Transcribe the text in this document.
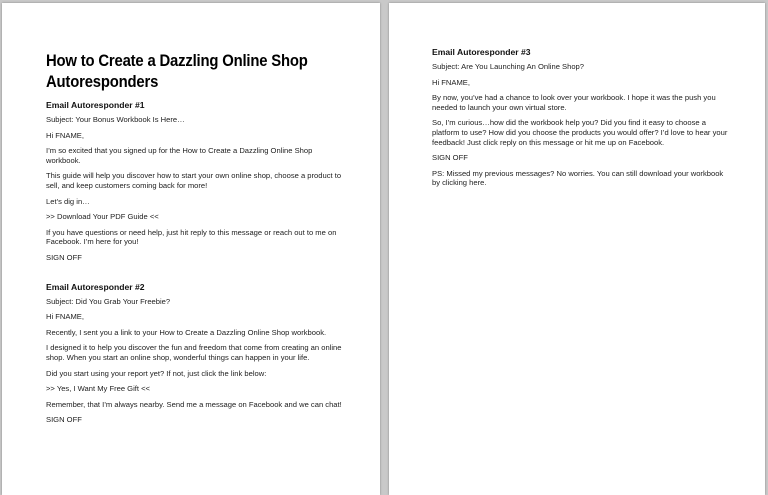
How to Create a Dazzling Online Shop Autoresponders
Email Autoresponder #1

Subject: Your Bonus Workbook Is Here…

Hi FNAME,

I’m so excited that you signed up for the How to Create a Dazzling Online Shop workbook.

This guide will help you discover how to start your own online shop, choose a product to sell, and keep customers coming back for more!

Let’s dig in…

>> Download Your PDF Guide <<

If you have questions or need help, just hit reply to this message or reach out to me on Facebook. I’m here for you!

SIGN OFF

Email Autoresponder #2

Subject: Did You Grab Your Freebie?

Hi FNAME,

Recently, I sent you a link to your How to Create a Dazzling Online Shop workbook.

I designed it to help you discover the fun and freedom that come from creating an online shop. When you start an online shop, wonderful things can happen in your life.

Did you start using your report yet? If not, just click the link below:

>> Yes, I Want My Free Gift <<

Remember, that I’m always nearby. Send me a message on Facebook and we can chat!

SIGN OFF

Email Autoresponder #3

Subject: Are You Launching An Online Shop?

Hi FNAME,

By now, you’ve had a chance to look over your workbook. I hope it was the push you needed to launch your own virtual store.

So, I’m curious…how did the workbook help you? Did you find it easy to choose a platform to use? How did you choose the products you would offer? I’d love to hear your feedback! Just click reply on this message or hit me up on Facebook.

SIGN OFF

PS: Missed my previous messages? No worries. You can still download your workbook by clicking here.
